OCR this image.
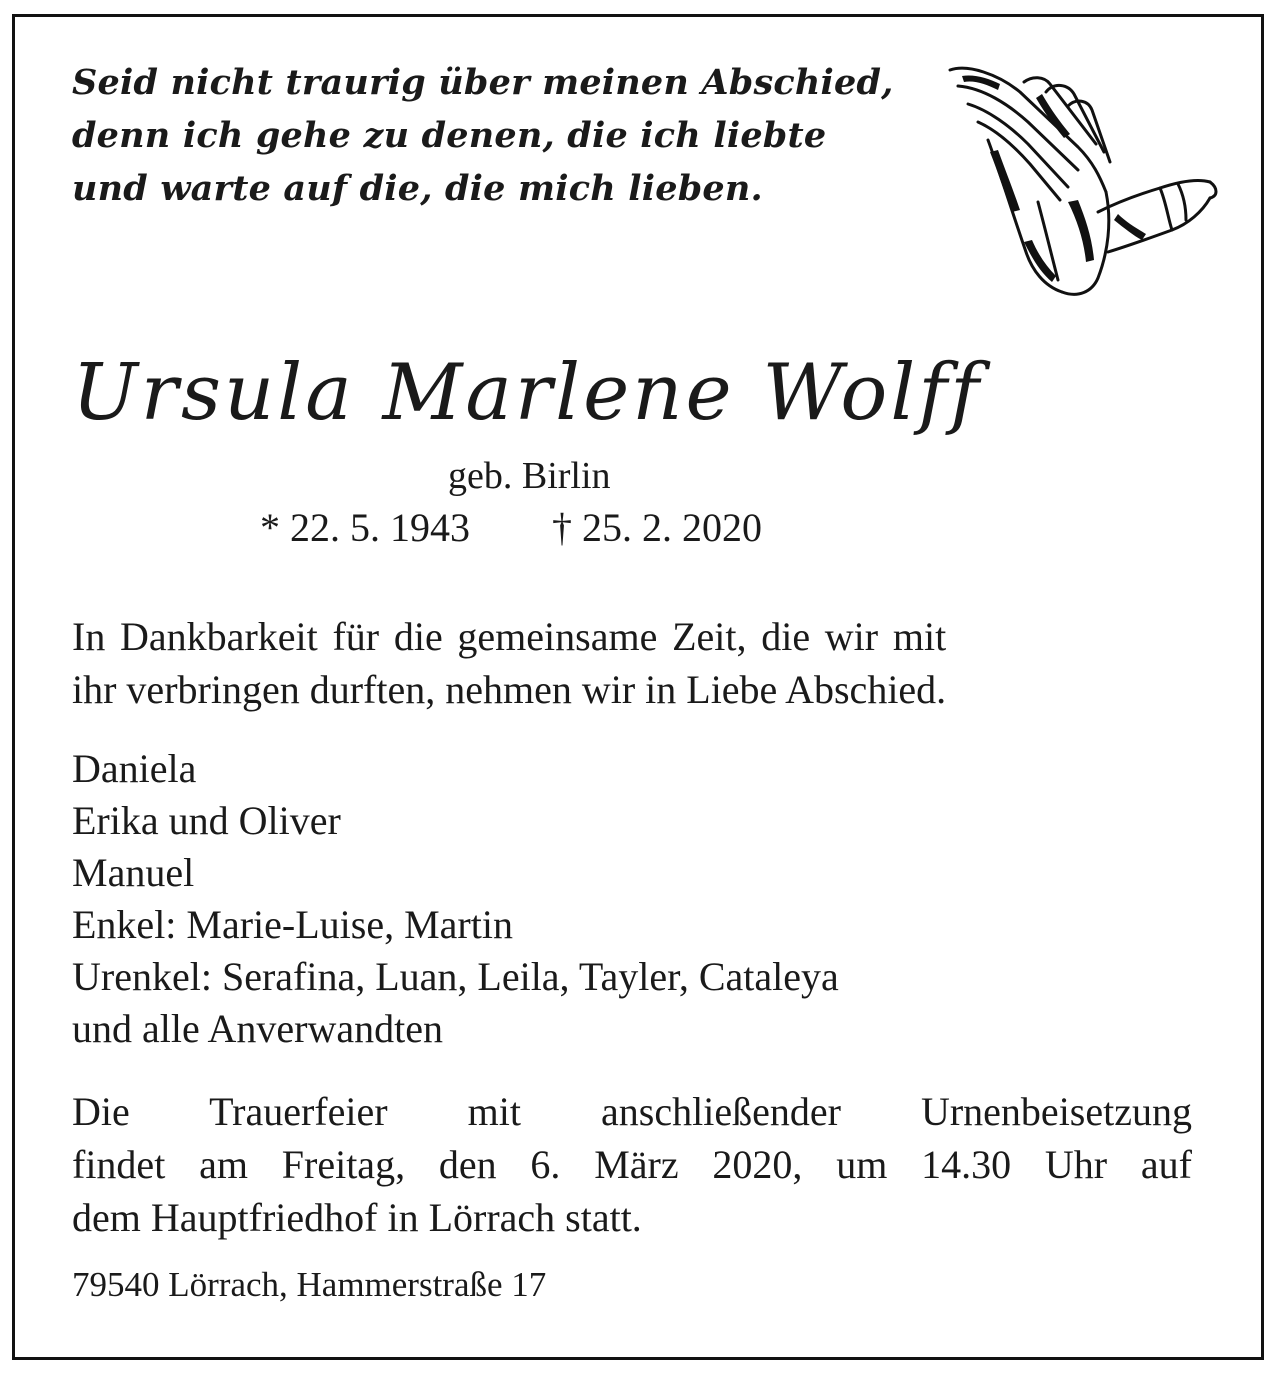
Seid nicht traurig über meinen Abschied,
denn ich gehe zu denen, die ich liebte
und warte auf die, die mich lieben.
Ursula Marlene Wolff
geb. Birlin
* 22. 5. 1943 † 25. 2. 2020
In Dankbarkeit für die gemeinsame Zeit, die wir mit
ihr verbringen durften, nehmen wir in Liebe Abschied.
Daniela
Erika und Oliver
Manuel
Enkel: Marie-Luise, Martin
Urenkel: Serafina, Luan, Leila, Tayler, Cataleya
und alle Anverwandten
Die Trauerfeier mit anschließender Urnenbeisetzung
findet am Freitag, den 6. März 2020, um 14.30 Uhr auf
dem Hauptfriedhof in Lörrach statt.
79540 Lörrach, Hammerstraße 17
